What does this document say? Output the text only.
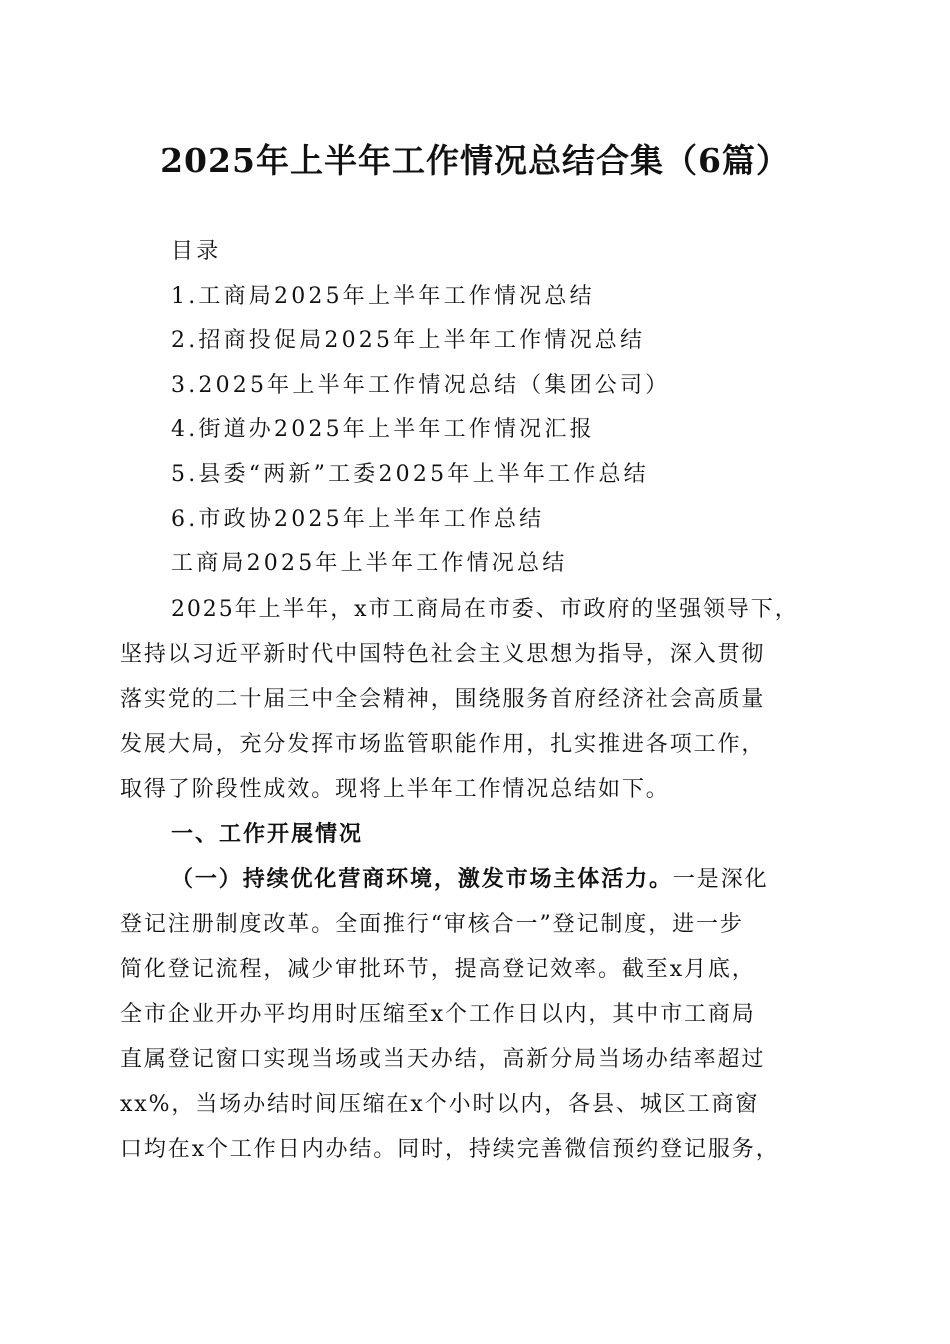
2025年上半年工作情况总结合集（6篇）
目录
1.工商局2025年上半年工作情况总结
2.招商投促局2025年上半年工作情况总结
3.2025年上半年工作情况总结（集团公司）
4.街道办2025年上半年工作情况汇报
5.县委“两新”工委2025年上半年工作总结
6.市政协2025年上半年工作总结
工商局2025年上半年工作情况总结
2025年上半年，x市工商局在市委、市政府的坚强领导下，
坚持以习近平新时代中国特色社会主义思想为指导，深入贯彻
落实党的二十届三中全会精神，围绕服务首府经济社会高质量
发展大局，充分发挥市场监管职能作用，扎实推进各项工作，
取得了阶段性成效。现将上半年工作情况总结如下。
一、工作开展情况
（一）持续优化营商环境，激发市场主体活力。一是深化
登记注册制度改革。全面推行“审核合一”登记制度，进一步
简化登记流程，减少审批环节，提高登记效率。截至x月底，
全市企业开办平均用时压缩至x个工作日以内，其中市工商局
直属登记窗口实现当场或当天办结，高新分局当场办结率超过
xx%，当场办结时间压缩在x个小时以内，各县、城区工商窗
口均在x个工作日内办结。同时，持续完善微信预约登记服务，
